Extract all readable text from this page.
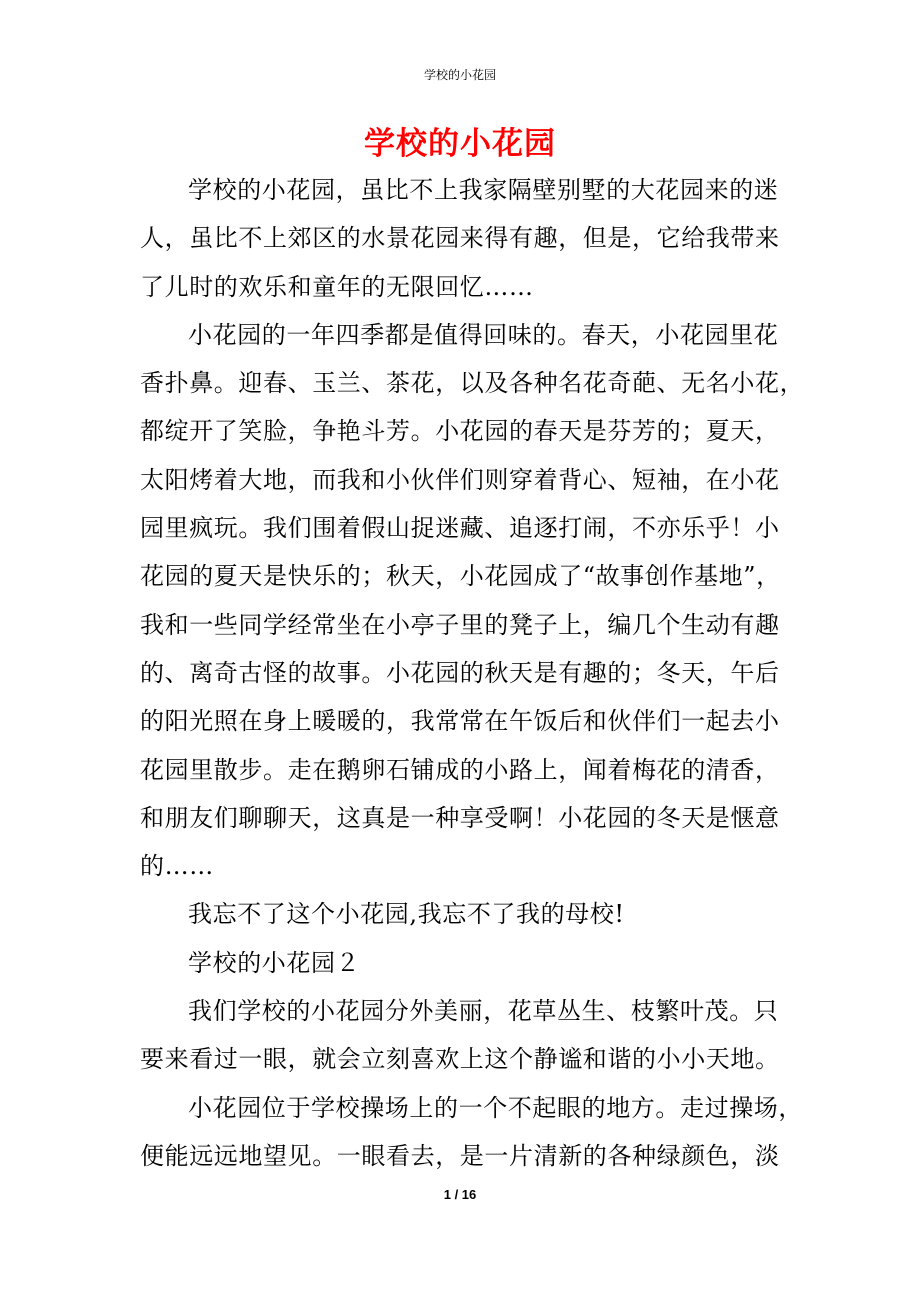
学校的小花园
学校的小花园
学校的小花园，虽比不上我家隔壁别墅的大花园来的迷
人，虽比不上郊区的水景花园来得有趣，但是，它给我带来
了儿时的欢乐和童年的无限回忆……
小花园的一年四季都是值得回味的。春天，小花园里花
香扑鼻。迎春、玉兰、茶花，以及各种名花奇葩、无名小花，
都绽开了笑脸，争艳斗芳。小花园的春天是芬芳的；夏天，
太阳烤着大地，而我和小伙伴们则穿着背心、短袖，在小花
园里疯玩。我们围着假山捉迷藏、追逐打闹，不亦乐乎！小
花园的夏天是快乐的；秋天，小花园成了“故事创作基地”，
我和一些同学经常坐在小亭子里的凳子上，编几个生动有趣
的、离奇古怪的故事。小花园的秋天是有趣的；冬天，午后
的阳光照在身上暖暖的，我常常在午饭后和伙伴们一起去小
花园里散步。走在鹅卵石铺成的小路上，闻着梅花的清香，
和朋友们聊聊天，这真是一种享受啊！小花园的冬天是惬意
的……
我忘不了这个小花园,我忘不了我的母校!
学校的小花园２
我们学校的小花园分外美丽，花草丛生、枝繁叶茂。只
要来看过一眼，就会立刻喜欢上这个静谧和谐的小小天地。
小花园位于学校操场上的一个不起眼的地方。走过操场，
便能远远地望见。一眼看去，是一片清新的各种绿颜色，淡
1 / 16
